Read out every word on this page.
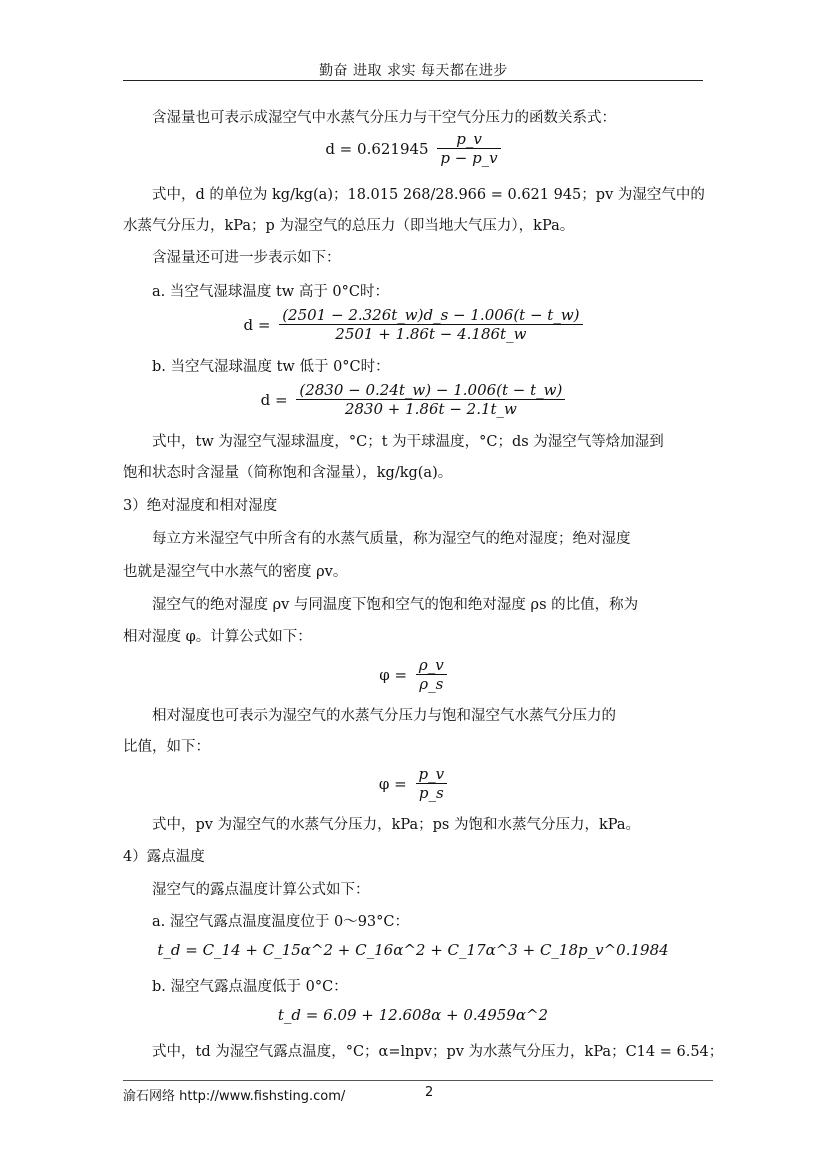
勤奋 进取 求实 每天都在进步

含湿量也可表示成湿空气中水蒸气分压力与干空气分压力的函数关系式：

$d = 0.621945 \frac{p\_v}{p - p\_v}$

式中，d 的单位为 kg/kg(a)；18.015 268/28.966 = 0.621 945；pv 为湿空气中的

水蒸气分压力，kPa；p 为湿空气的总压力（即当地大气压力），kPa。

含湿量还可进一步表示如下：

a. 当空气湿球温度 tw 高于 0°C时：

$d = \frac{(2501 - 2.326t\_w)d\_s - 1.006(t - t\_w)}{2501 + 1.86t - 4.186t\_w}$

b. 当空气湿球温度 tw 低于 0°C时：

$d = \frac{(2830 - 0.24t\_w) - 1.006(t - t\_w)}{2830 + 1.86t - 2.1t\_w}$

式中，tw 为湿空气湿球温度，°C；t 为干球温度，°C；ds 为湿空气等焓加湿到

饱和状态时含湿量（简称饱和含湿量），kg/kg(a)。

3）绝对湿度和相对湿度

每立方米湿空气中所含有的水蒸气质量，称为湿空气的绝对湿度；绝对湿度

也就是湿空气中水蒸气的密度 ρv。

湿空气的绝对湿度 ρv 与同温度下饱和空气的饱和绝对湿度 ρs 的比值，称为

相对湿度 φ。计算公式如下：

$\varphi = \frac{\rho\_v}{\rho\_s}$

相对湿度也可表示为湿空气的水蒸气分压力与饱和湿空气水蒸气分压力的

比值，如下：

$\varphi = \frac{p\_v}{p\_s}$

式中，pv 为湿空气的水蒸气分压力，kPa；ps 为饱和水蒸气分压力，kPa。

4）露点温度

湿空气的露点温度计算公式如下：

a. 湿空气露点温度温度位于 0～93°C：

t_d = C_14 + C_15α^2 + C_16α^2 + C_17α^3 + C_18p_v^0.1984

b. 湿空气露点温度低于 0°C：

t_d = 6.09 + 12.608α + 0.4959α^2

式中，td 为湿空气露点温度，°C；α=lnpv；pv 为水蒸气分压力，kPa；C14 = 6.54；

渝石网络 http://www.fishsting.com/	2
